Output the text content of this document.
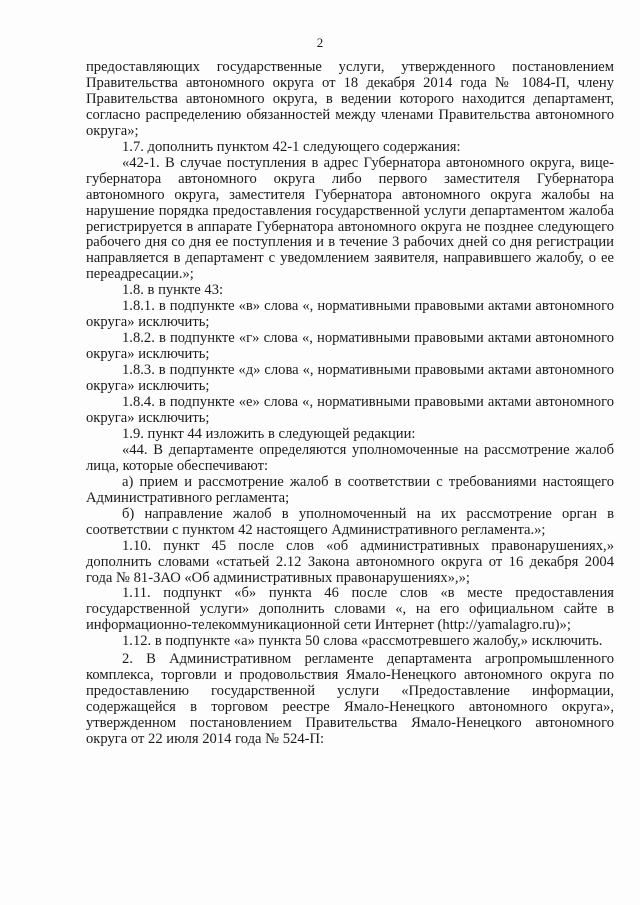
2

предоставляющих государственные услуги, утвержденного постановлением Правительства автономного округа от 18 декабря 2014 года № 1084-П, члену Правительства автономного округа, в ведении которого находится департамент, согласно распределению обязанностей между членами Правительства автономного округа»;

1.7. дополнить пунктом 42-1 следующего содержания:

«42-1. В случае поступления в адрес Губернатора автономного округа, вице-губернатора автономного округа либо первого заместителя Губернатора автономного округа, заместителя Губернатора автономного округа жалобы на нарушение порядка предоставления государственной услуги департаментом жалоба регистрируется в аппарате Губернатора автономного округа не позднее следующего рабочего дня со дня ее поступления и в течение 3 рабочих дней со дня регистрации направляется в департамент с уведомлением заявителя, направившего жалобу, о ее переадресации.»;

1.8. в пункте 43:

1.8.1. в подпункте «в» слова «, нормативными правовыми актами автономного округа» исключить;

1.8.2. в подпункте «г» слова «, нормативными правовыми актами автономного округа» исключить;

1.8.3. в подпункте «д» слова «, нормативными правовыми актами автономного округа» исключить;

1.8.4. в подпункте «е» слова «, нормативными правовыми актами автономного округа» исключить;

1.9. пункт 44 изложить в следующей редакции:

«44. В департаменте определяются уполномоченные на рассмотрение жалоб лица, которые обеспечивают:

а) прием и рассмотрение жалоб в соответствии с требованиями настоящего Административного регламента;

б) направление жалоб в уполномоченный на их рассмотрение орган в соответствии с пунктом 42 настоящего Административного регламента.»;

1.10. пункт 45 после слов «об административных правонарушениях,» дополнить словами «статьей 2.12 Закона автономного округа от 16 декабря 2004 года № 81-ЗАО «Об административных правонарушениях»,»;

1.11. подпункт «б» пункта 46 после слов «в месте предоставления государственной услуги» дополнить словами «, на его официальном сайте в информационно-телекоммуникационной сети Интернет (http://yamalagro.ru)»;

1.12. в подпункте «а» пункта 50 слова «рассмотревшего жалобу,» исключить.

2. В Административном регламенте департамента агропромышленного комплекса, торговли и продовольствия Ямало-Ненецкого автономного округа по предоставлению государственной услуги «Предоставление информации, содержащейся в торговом реестре Ямало-Ненецкого автономного округа», утвержденном постановлением Правительства Ямало-Ненецкого автономного округа от 22 июля 2014 года № 524-П:
